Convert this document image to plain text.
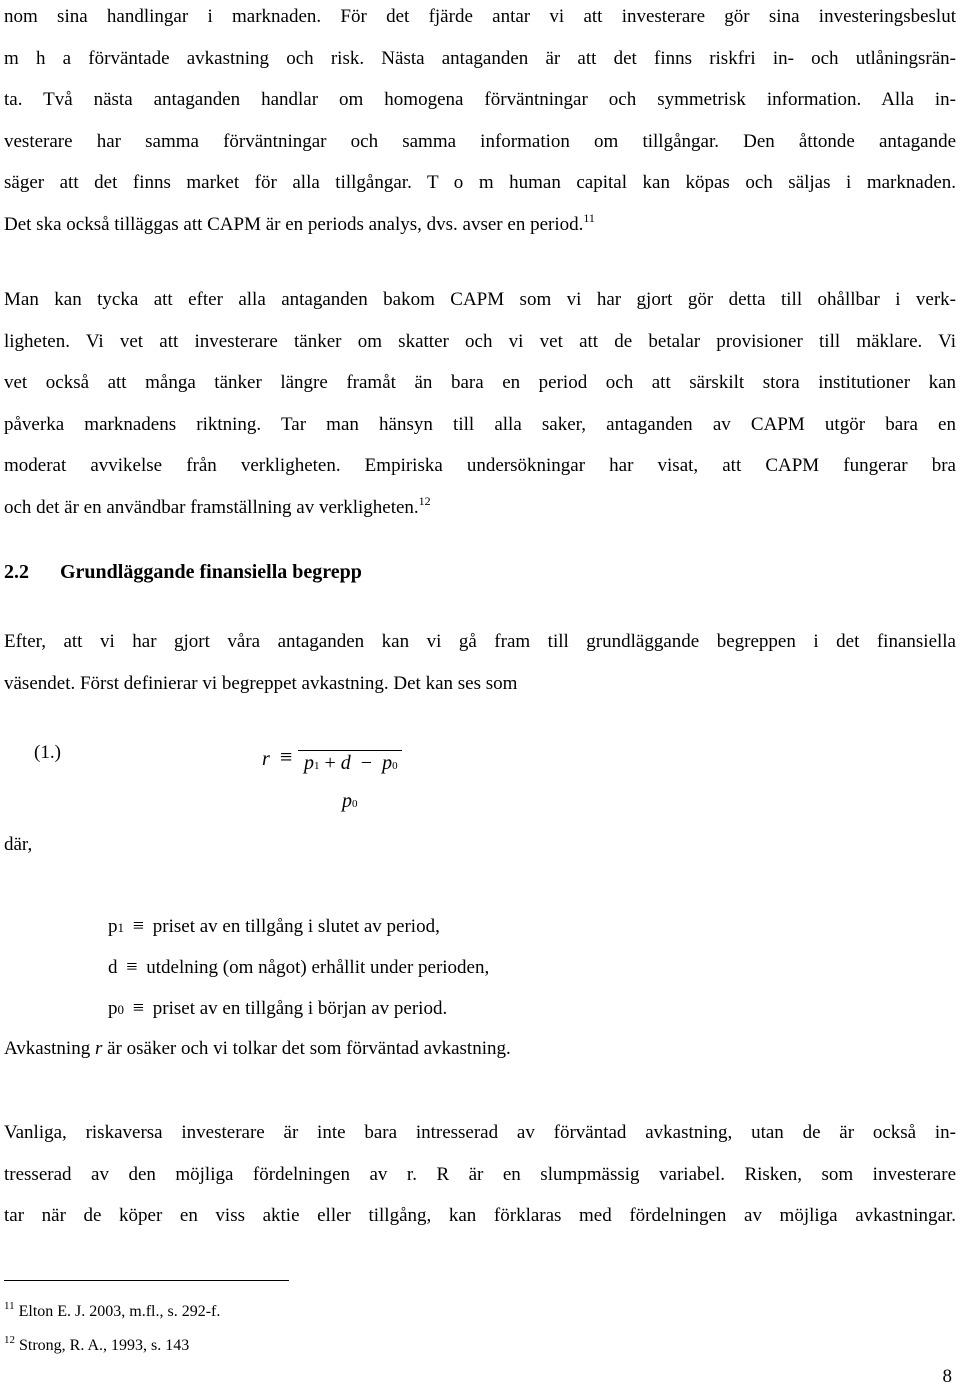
nom sina handlingar i marknaden. För det fjärde antar vi att investerare gör sina investeringsbeslut
m h a förväntade avkastning och risk. Nästa antaganden är att det finns riskfri in- och utlåningsrän-
ta. Två nästa antaganden handlar om homogena förväntningar och symmetrisk information. Alla in-
vesterare har samma förväntningar och samma information om tillgångar. Den åttonde antagande
säger att det finns market för alla tillgångar. T o m human capital kan köpas och säljas i marknaden.
Det ska också tilläggas att CAPM är en periods analys, dvs. avser en period.$^{11}$
Man kan tycka att efter alla antaganden bakom CAPM som vi har gjort gör detta till ohållbar i verk-
ligheten. Vi vet att investerare tänker om skatter och vi vet att de betalar provisioner till mäklare. Vi
vet också att många tänker längre framåt än bara en period och att särskilt stora institutioner kan
påverka marknadens riktning. Tar man hänsyn till alla saker, antaganden av CAPM utgör bara en
moderat avvikelse från verkligheten. Empiriska undersökningar har visat, att CAPM fungerar bra
och det är en användbar framställning av verkligheten.$^{12}$
2.2 Grundläggande finansiella begrepp
Efter, att vi har gjort våra antaganden kan vi gå fram till grundläggande begreppen i det finansiella
väsendet. Först definierar vi begreppet avkastning. Det kan ses som
(1.)	r ≡ p1 + d − p0
p0
där,
p1 ≡ priset av en tillgång i slutet av period,
d ≡ utdelning (om något) erhållit under perioden,
p0 ≡ priset av en tillgång i början av period.
Avkastning r är osäker och vi tolkar det som förväntad avkastning.
Vanliga, riskaversa investerare är inte bara intresserad av förväntad avkastning, utan de är också in-
tresserad av den möjliga fördelningen av r. R är en slumpmässig variabel. Risken, som investerare
tar när de köper en viss aktie eller tillgång, kan förklaras med fördelningen av möjliga avkastningar.
$^{11}$ Elton E. J. 2003, m.fl., s. 292-f.
$^{12}$ Strong, R. A., 1993, s. 143
8
